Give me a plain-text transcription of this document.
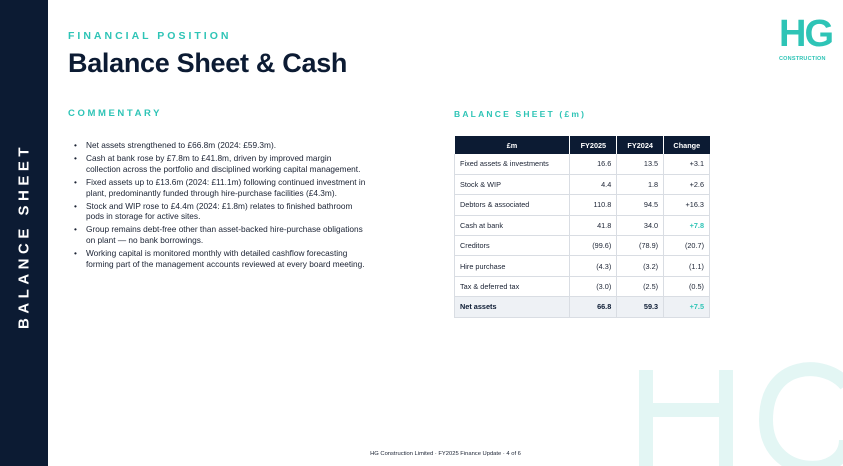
BALANCE SHEET
FINANCIAL POSITION
Balance Sheet & Cash
HG
CONSTRUCTION
COMMENTARY
• Net assets strengthened to £66.8m (2024: £59.3m).
• Cash at bank rose by £7.8m to £41.8m, driven by improved margin collection across the portfolio and disciplined working capital management.
• Fixed assets up to £13.6m (2024: £11.1m) following continued investment in plant, predominantly funded through hire-purchase facilities (£4.3m).
• Stock and WIP rose to £4.4m (2024: £1.8m) relates to finished bathroom pods in storage for active sites.
• Group remains debt-free other than asset-backed hire-purchase obligations on plant — no bank borrowings.
• Working capital is monitored monthly with detailed cashflow forecasting forming part of the management accounts reviewed at every board meeting.
BALANCE SHEET (£m)
£m	FY2025	FY2024	Change
Fixed assets & investments	16.6	13.5	+3.1
Stock & WIP	4.4	1.8	+2.6
Debtors & associated	110.8	94.5	+16.3
Cash at bank	41.8	34.0	+7.8
Creditors	(99.6)	(78.9)	(20.7)
Hire purchase	(4.3)	(3.2)	(1.1)
Tax & deferred tax	(3.0)	(2.5)	(0.5)
Net assets	66.8	59.3	+7.5
HG Construction Limited · FY2025 Finance Update · 4 of 6
